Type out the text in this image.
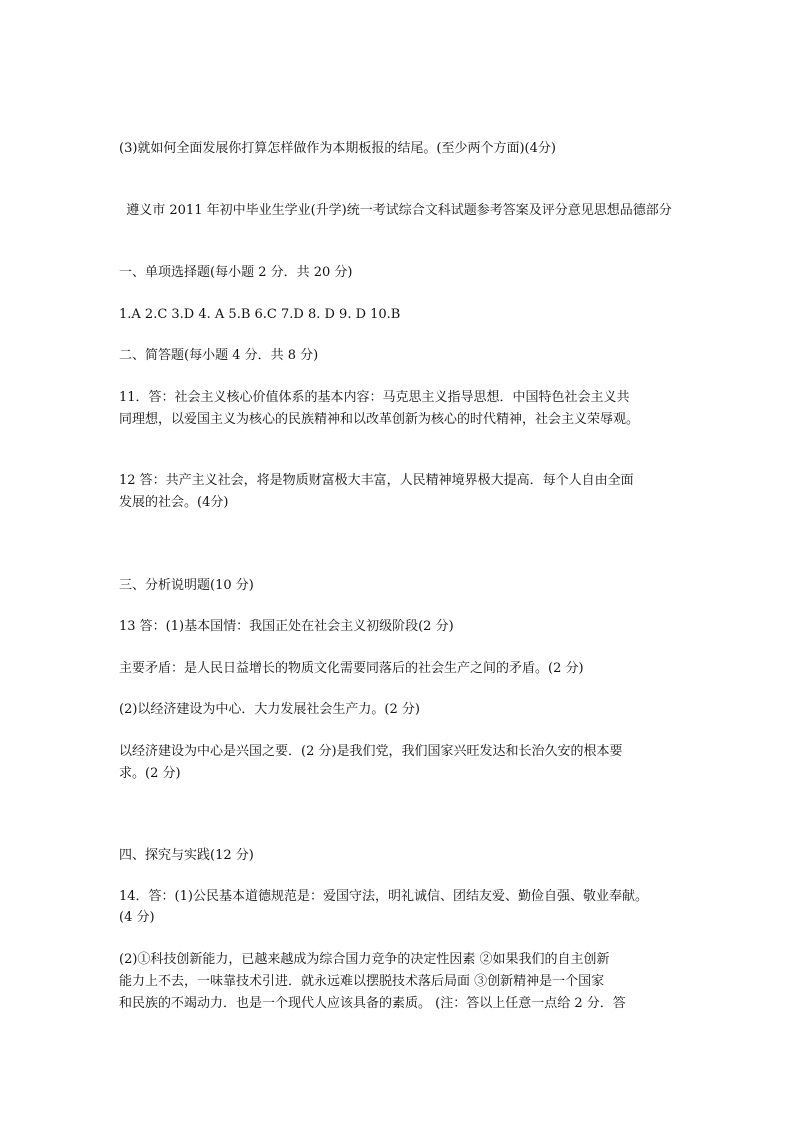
(3)就如何全面发展你打算怎样做作为本期板报的结尾。(至少两个方面)(4分)

遵义市 2011 年初中毕业生学业(升学)统一考试综合文科试题参考答案及评分意见思想品德部分

一、单项选择题(每小题 2 分．共 20 分)

1.A 2.C 3.D 4. A 5.B 6.C 7.D 8. D 9. D 10.B

二、简答题(每小题 4 分．共 8 分)

11．答：社会主义核心价值体系的基本内容：马克思主义指导思想．中国特色社会主义共

同理想，以爱国主义为核心的民族精神和以改革创新为核心的时代精神，社会主义荣辱观。

12 答：共产主义社会，将是物质财富极大丰富，人民精神境界极大提高．每个人自由全面

发展的社会。(4分)

三、分析说明题(10 分)

13 答：(1)基本国情：我国正处在社会主义初级阶段(2 分)

主要矛盾：是人民日益增长的物质文化需要同落后的社会生产之间的矛盾。(2 分)

(2)以经济建设为中心．大力发展社会生产力。(2 分)

以经济建设为中心是兴国之要．(2 分)是我们党，我们国家兴旺发达和长治久安的根本要

求。(2 分)

四、探究与实践(12 分)

14．答：(1)公民基本道德规范是：爱国守法，明礼诚信、团结友爱、勤俭自强、敬业奉献。

(4 分)

(2)①科技创新能力，已越来越成为综合国力竞争的决定性因素 ②如果我们的自主创新

能力上不去，一味靠技术引进．就永远难以摆脱技术落后局面 ③创新精神是一个国家

和民族的不竭动力．也是一个现代人应该具备的素质。 (注：答以上任意一点给 2 分．答
